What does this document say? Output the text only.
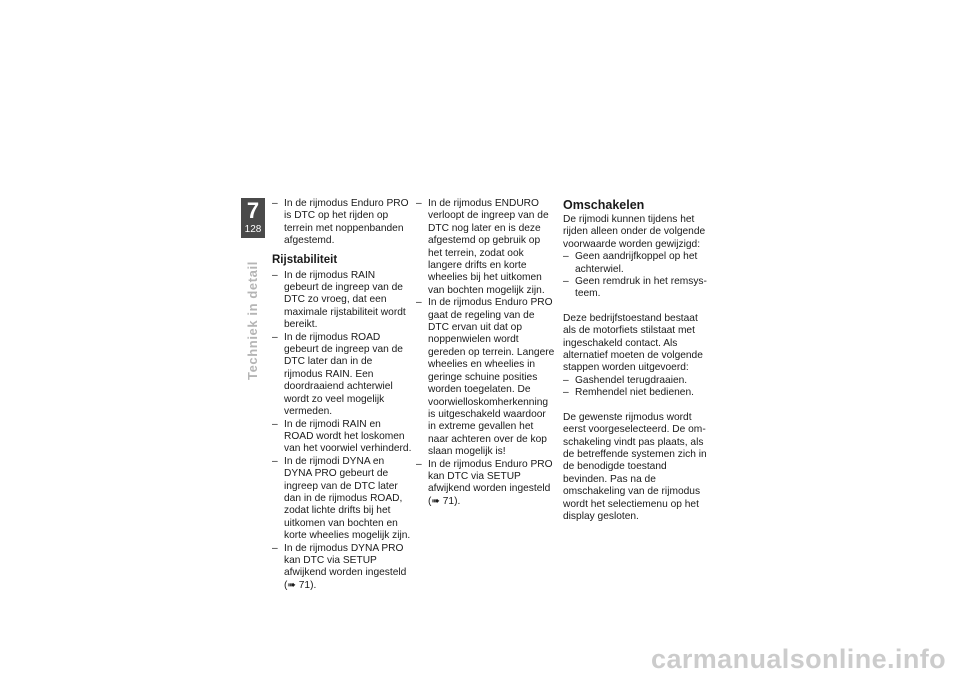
7
128
Techniek in detail
– In de rijmodus Enduro PRO is DTC op het rijden op terrein met noppenbanden afgestemd.
Rijstabiliteit
– In de rijmodus RAIN gebeurt de ingreep van de DTC zo vroeg, dat een maximale rijstabiliteit wordt bereikt.
– In de rijmodus ROAD gebeurt de ingreep van de DTC later dan in de rijmodus RAIN. Een doordraaiend achterwiel wordt zo veel mogelijk vermeden.
– In de rijmodi RAIN en ROAD wordt het loskomen van het voorwiel verhinderd.
– In de rijmodi DYNA en DYNA PRO gebeurt de ingreep van de DTC later dan in de rijmodus ROAD, zodat lichte drifts bij het uitkomen van bochten en korte wheelies mogelijk zijn.
– In de rijmodus DYNA PRO kan DTC via SETUP afwijkend worden ingesteld (➠ 71).
– In de rijmodus ENDURO verloopt de ingreep van de DTC nog later en is deze afgestemd op gebruik op het terrein, zodat ook langere drifts en korte wheelies bij het uitkomen van bochten mogelijk zijn.
– In de rijmodus Enduro PRO gaat de regeling van de DTC ervan uit dat op noppenwielen wordt gereden op terrein. Langere wheelies en wheelies in geringe schuine posities worden toegelaten. De voorwielloskomherkenning is uitgeschakeld waardoor in extreme gevallen het naar achteren over de kop slaan mogelijk is!
– In de rijmodus Enduro PRO kan DTC via SETUP afwijkend worden ingesteld (➠ 71).
Omschakelen

De rijmodi kunnen tijdens het rijden alleen onder de volgende voorwaarde worden gewijzigd:

– Geen aandrijfkoppel op het achterwiel.
– Geen remdruk in het remsysteem.

Deze bedrijfstoestand bestaat als de motorfiets stilstaat met ingeschakeld contact. Als alternatief moeten de volgende stappen worden uitgevoerd:

– Gashendel terugdraaien.
– Remhendel niet bedienen.

De gewenste rijmodus wordt eerst voorgeselecteerd. De omschakeling vindt pas plaats, als de betreffende systemen zich in de benodigde toestand bevinden. Pas na de omschakeling van de rijmodus wordt het selectiemenu op het display gesloten.

carmanualsonline.info
